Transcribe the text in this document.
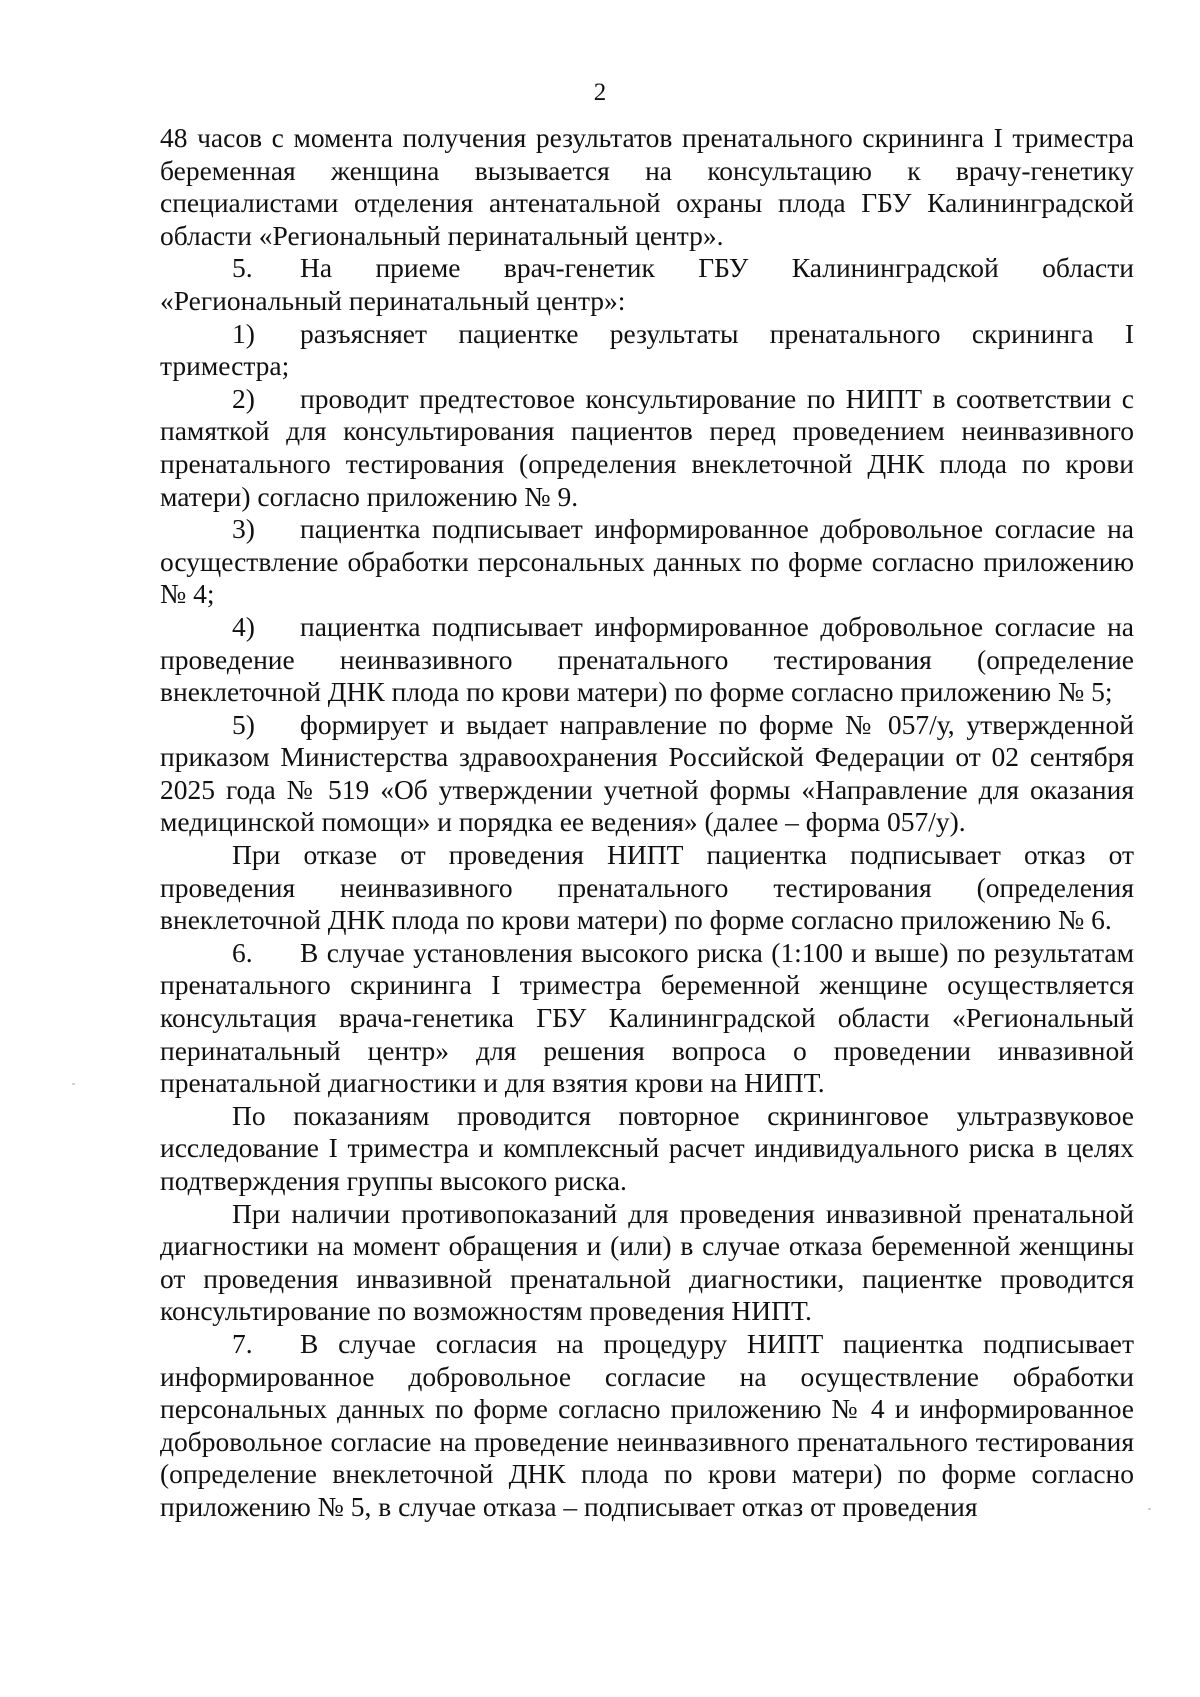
2

48 часов с момента получения результатов пренатального скрининга I триместра беременная женщина вызывается на консультацию к врачу-генетику специалистами отделения антенатальной охраны плода ГБУ Калининградской области «Региональный перинатальный центр».

5. На приеме врач-генетик ГБУ Калининградской области «Региональный перинатальный центр»:

1) разъясняет пациентке результаты пренатального скрининга I триместра;

2) проводит предтестовое консультирование по НИПТ в соответствии с памяткой для консультирования пациентов перед проведением неинвазивного пренатального тестирования (определения внеклеточной ДНК плода по крови матери) согласно приложению № 9.

3) пациентка подписывает информированное добровольное согласие на осуществление обработки персональных данных по форме согласно приложению № 4;

4) пациентка подписывает информированное добровольное согласие на проведение неинвазивного пренатального тестирования (определение внеклеточной ДНК плода по крови матери) по форме согласно приложению № 5;

5) формирует и выдает направление по форме № 057/у, утвержденной приказом Министерства здравоохранения Российской Федерации от 02 сентября 2025 года № 519 «Об утверждении учетной формы «Направление для оказания медицинской помощи» и порядка ее ведения» (далее – форма 057/у).

При отказе от проведения НИПТ пациентка подписывает отказ от проведения неинвазивного пренатального тестирования (определения внеклеточной ДНК плода по крови матери) по форме согласно приложению № 6.

6. В случае установления высокого риска (1:100 и выше) по результатам пренатального скрининга I триместра беременной женщине осуществляется консультация врача-генетика ГБУ Калининградской области «Региональный перинатальный центр» для решения вопроса о проведении инвазивной пренатальной диагностики и для взятия крови на НИПТ.

По показаниям проводится повторное скрининговое ультразвуковое исследование I триместра и комплексный расчет индивидуального риска в целях подтверждения группы высокого риска.

При наличии противопоказаний для проведения инвазивной пренатальной диагностики на момент обращения и (или) в случае отказа беременной женщины от проведения инвазивной пренатальной диагностики, пациентке проводится консультирование по возможностям проведения НИПТ.

7. В случае согласия на процедуру НИПТ пациентка подписывает информированное добровольное согласие на осуществление обработки персональных данных по форме согласно приложению № 4 и информированное добровольное согласие на проведение неинвазивного пренатального тестирования (определение внеклеточной ДНК плода по крови матери) по форме согласно приложению № 5, в случае отказа – подписывает отказ от проведения
